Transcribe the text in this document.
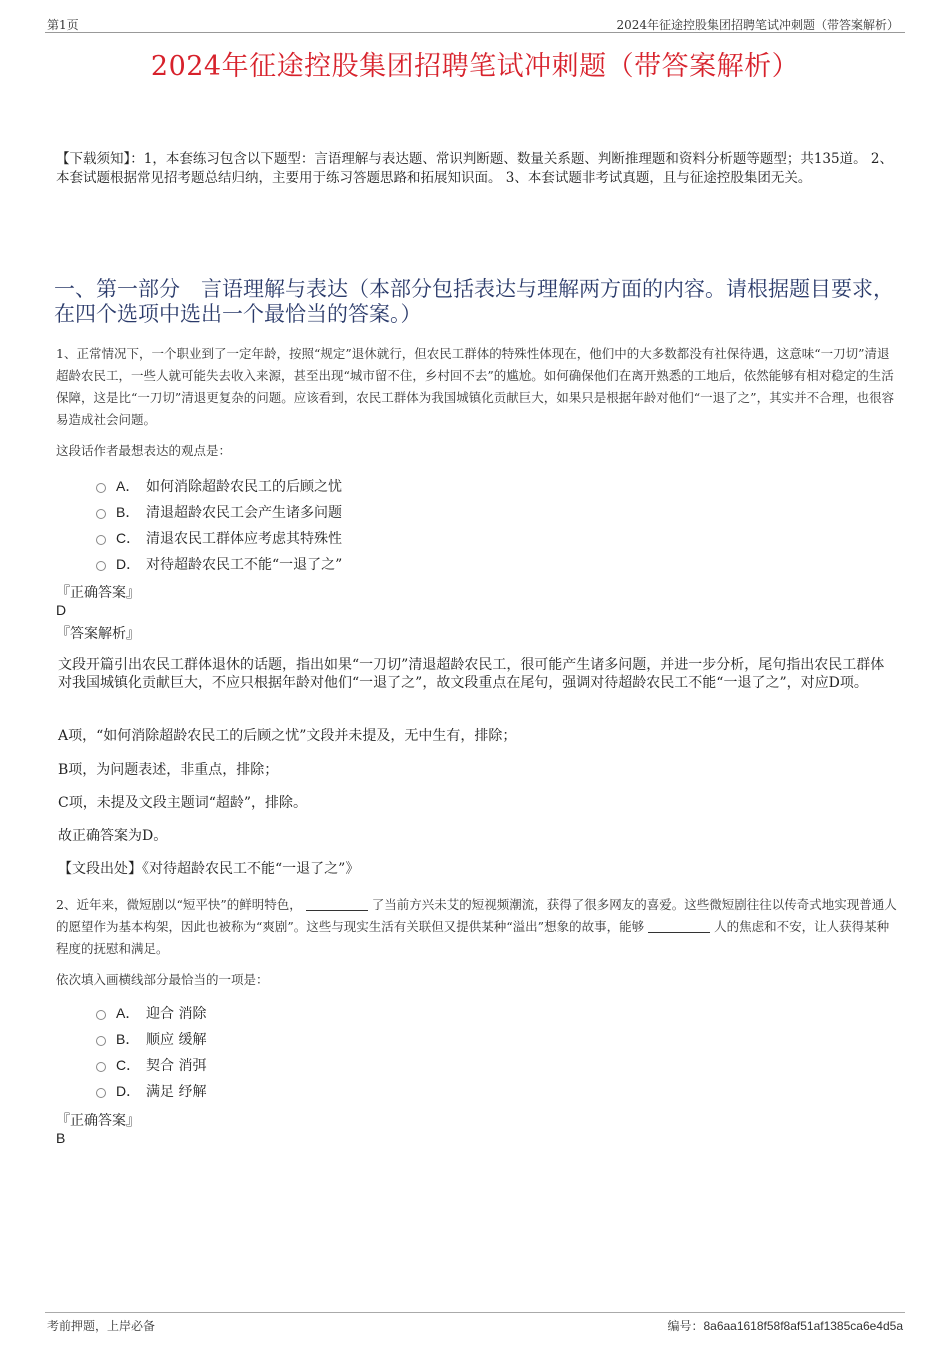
第1页	2024年征途控股集团招聘笔试冲刺题（带答案解析）
2024年征途控股集团招聘笔试冲刺题（带答案解析）
【下载须知】：1，本套练习包含以下题型：言语理解与表达题、常识判断题、数量关系题、判断推理题和资料分析题等题型；共135道。 2、本套试题根据常见招考题总结归纳，主要用于练习答题思路和拓展知识面。 3、本套试题非考试真题，且与征途控股集团无关。
一、第一部分　言语理解与表达（本部分包括表达与理解两方面的内容。请根据题目要求，在四个选项中选出一个最恰当的答案。）
1、正常情况下，一个职业到了一定年龄，按照“规定”退休就行，但农民工群体的特殊性体现在，他们中的大多数都没有社保待遇，这意味“一刀切”清退超龄农民工，一些人就可能失去收入来源，甚至出现“城市留不住，乡村回不去”的尴尬。如何确保他们在离开熟悉的工地后，依然能够有相对稳定的生活保障，这是比“一刀切”清退更复杂的问题。应该看到，农民工群体为我国城镇化贡献巨大，如果只是根据年龄对他们“一退了之”，其实并不合理，也很容易造成社会问题。
这段话作者最想表达的观点是：
A． 如何消除超龄农民工的后顾之忧
B． 清退超龄农民工会产生诸多问题
C． 清退农民工群体应考虑其特殊性
D． 对待超龄农民工不能“一退了之”
『正确答案』
D
『答案解析』
文段开篇引出农民工群体退休的话题，指出如果“一刀切”清退超龄农民工，很可能产生诸多问题，并进一步分析，尾句指出农民工群体对我国城镇化贡献巨大，不应只根据年龄对他们“一退了之”，故文段重点在尾句，强调对待超龄农民工不能“一退了之”，对应D项。
A项，“如何消除超龄农民工的后顾之忧”文段并未提及，无中生有，排除；
B项，为问题表述，非重点，排除；
C项，未提及文段主题词“超龄”，排除。
故正确答案为D。
【文段出处】《对待超龄农民工不能“一退了之”》
2、近年来，微短剧以“短平快”的鲜明特色，	了当前方兴未艾的短视频潮流，获得了很多网友的喜爱。这些微短剧往往以传奇式地实现普通人的愿望作为基本构架，因此也被称为“爽剧”。这些与现实生活有关联但又提供某种“溢出”想象的故事，能够	人的焦虑和不安，让人获得某种程度的抚慰和满足。
依次填入画横线部分最恰当的一项是：
A． 迎合 消除
B． 顺应 缓解
C． 契合 消弭
D． 满足 纾解
『正确答案』
B
考前押题，上岸必备	编号：8a6aa1618f58f8af51af1385ca6e4d5a
